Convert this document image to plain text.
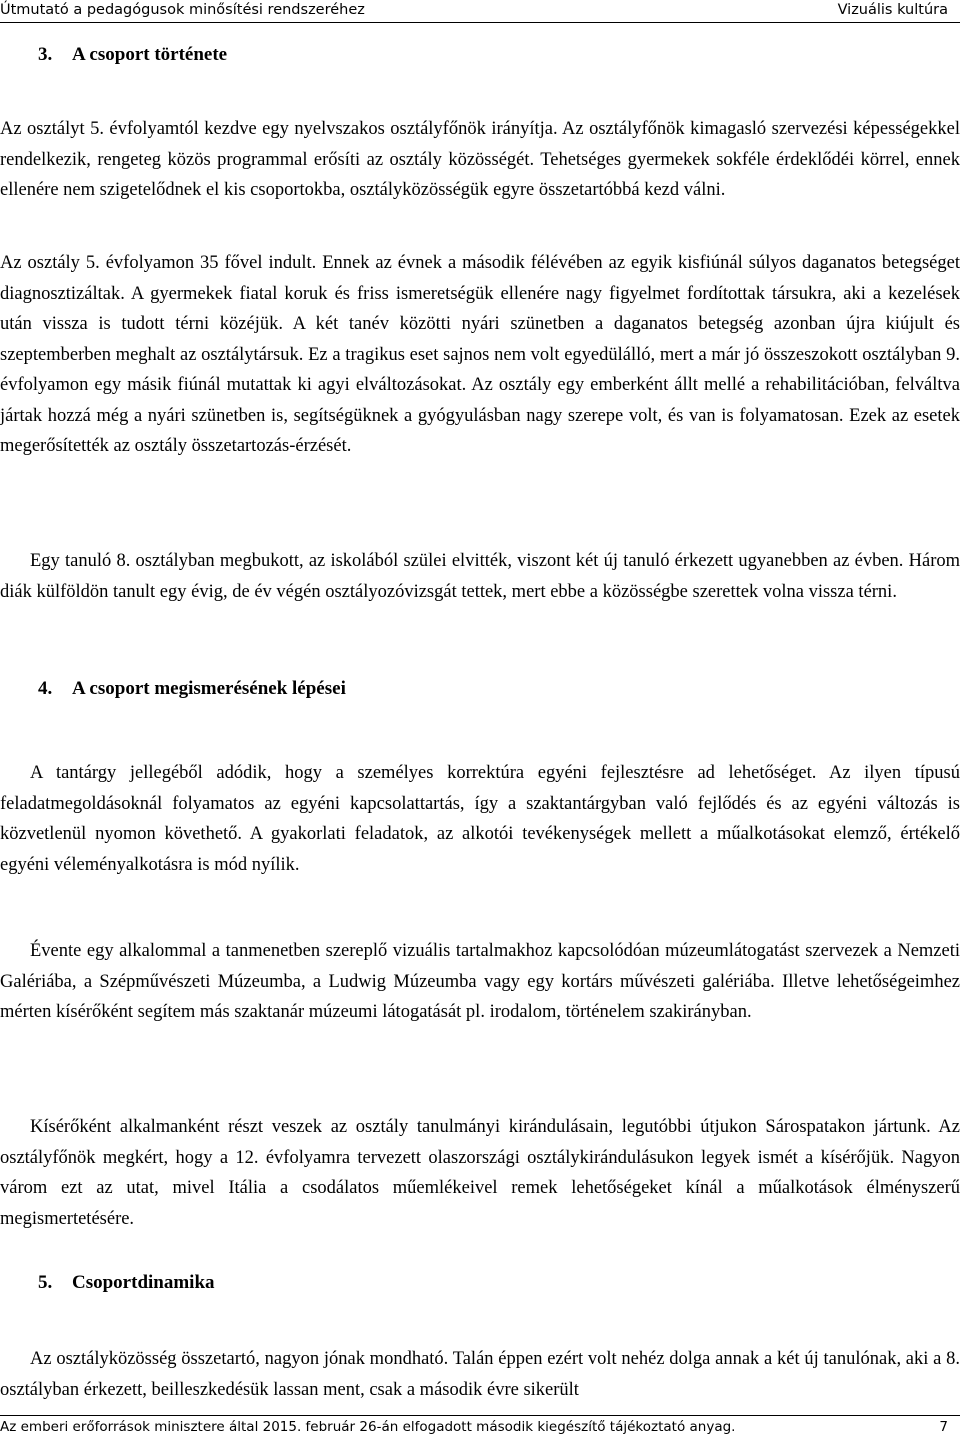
Útmutató a pedagógusok minősítési rendszeréhez	Vizuális kultúra
3. A csoport története
Az osztályt 5. évfolyamtól kezdve egy nyelvszakos osztályfőnök irányítja. Az osztályfőnök kimagasló szervezési képességekkel rendelkezik, rengeteg közös programmal erősíti az osztály közösségét. Tehetséges gyermekek sokféle érdeklődéi körrel, ennek ellenére nem szigetelődnek el kis csoportokba, osztályközösségük egyre összetartóbbá kezd válni.
Az osztály 5. évfolyamon 35 fővel indult. Ennek az évnek a második félévében az egyik kisfiúnál súlyos daganatos betegséget diagnosztizáltak. A gyermekek fiatal koruk és friss ismeretségük ellenére nagy figyelmet fordítottak társukra, aki a kezelések után vissza is tudott térni közéjük. A két tanév közötti nyári szünetben a daganatos betegség azonban újra kiújult és szeptemberben meghalt az osztálytársuk. Ez a tragikus eset sajnos nem volt egyedülálló, mert a már jó összeszokott osztályban 9. évfolyamon egy másik fiúnál mutattak ki agyi elváltozásokat. Az osztály egy emberként állt mellé a rehabilitációban, felváltva jártak hozzá még a nyári szünetben is, segítségüknek a gyógyulásban nagy szerepe volt, és van is folyamatosan. Ezek az esetek megerősítették az osztály összetartozás-érzését.
Egy tanuló 8. osztályban megbukott, az iskolából szülei elvitték, viszont két új tanuló érkezett ugyanebben az évben. Három diák külföldön tanult egy évig, de év végén osztályozóvizsgát tettek, mert ebbe a közösségbe szerettek volna vissza térni.
4. A csoport megismerésének lépései
A tantárgy jellegéből adódik, hogy a személyes korrektúra egyéni fejlesztésre ad lehetőséget. Az ilyen típusú feladatmegoldásoknál folyamatos az egyéni kapcsolattartás, így a szaktantárgyban való fejlődés és az egyéni változás is közvetlenül nyomon követhető. A gyakorlati feladatok, az alkotói tevékenységek mellett a műalkotásokat elemző, értékelő egyéni véleményalkotásra is mód nyílik.
Évente egy alkalommal a tanmenetben szereplő vizuális tartalmakhoz kapcsolódóan múzeumlátogatást szervezek a Nemzeti Galériába, a Szépművészeti Múzeumba, a Ludwig Múzeumba vagy egy kortárs művészeti galériába. Illetve lehetőségeimhez mérten kísérőként segítem más szaktanár múzeumi látogatását pl. irodalom, történelem szakirányban.
Kísérőként alkalmanként részt veszek az osztály tanulmányi kirándulásain, legutóbbi útjukon Sárospatakon jártunk. Az osztályfőnök megkért, hogy a 12. évfolyamra tervezett olaszországi osztálykirándulásukon legyek ismét a kísérőjük. Nagyon várom ezt az utat, mivel Itália a csodálatos műemlékeivel remek lehetőségeket kínál a műalkotások élményszerű megismertetésére.
5. Csoportdinamika
Az osztályközösség összetartó, nagyon jónak mondható. Talán éppen ezért volt nehéz dolga annak a két új tanulónak, aki a 8. osztályban érkezett, beilleszkedésük lassan ment, csak a második évre sikerült
Az emberi erőforrások minisztere által 2015. február 26-án elfogadott második kiegészítő tájékoztató anyag.	7
